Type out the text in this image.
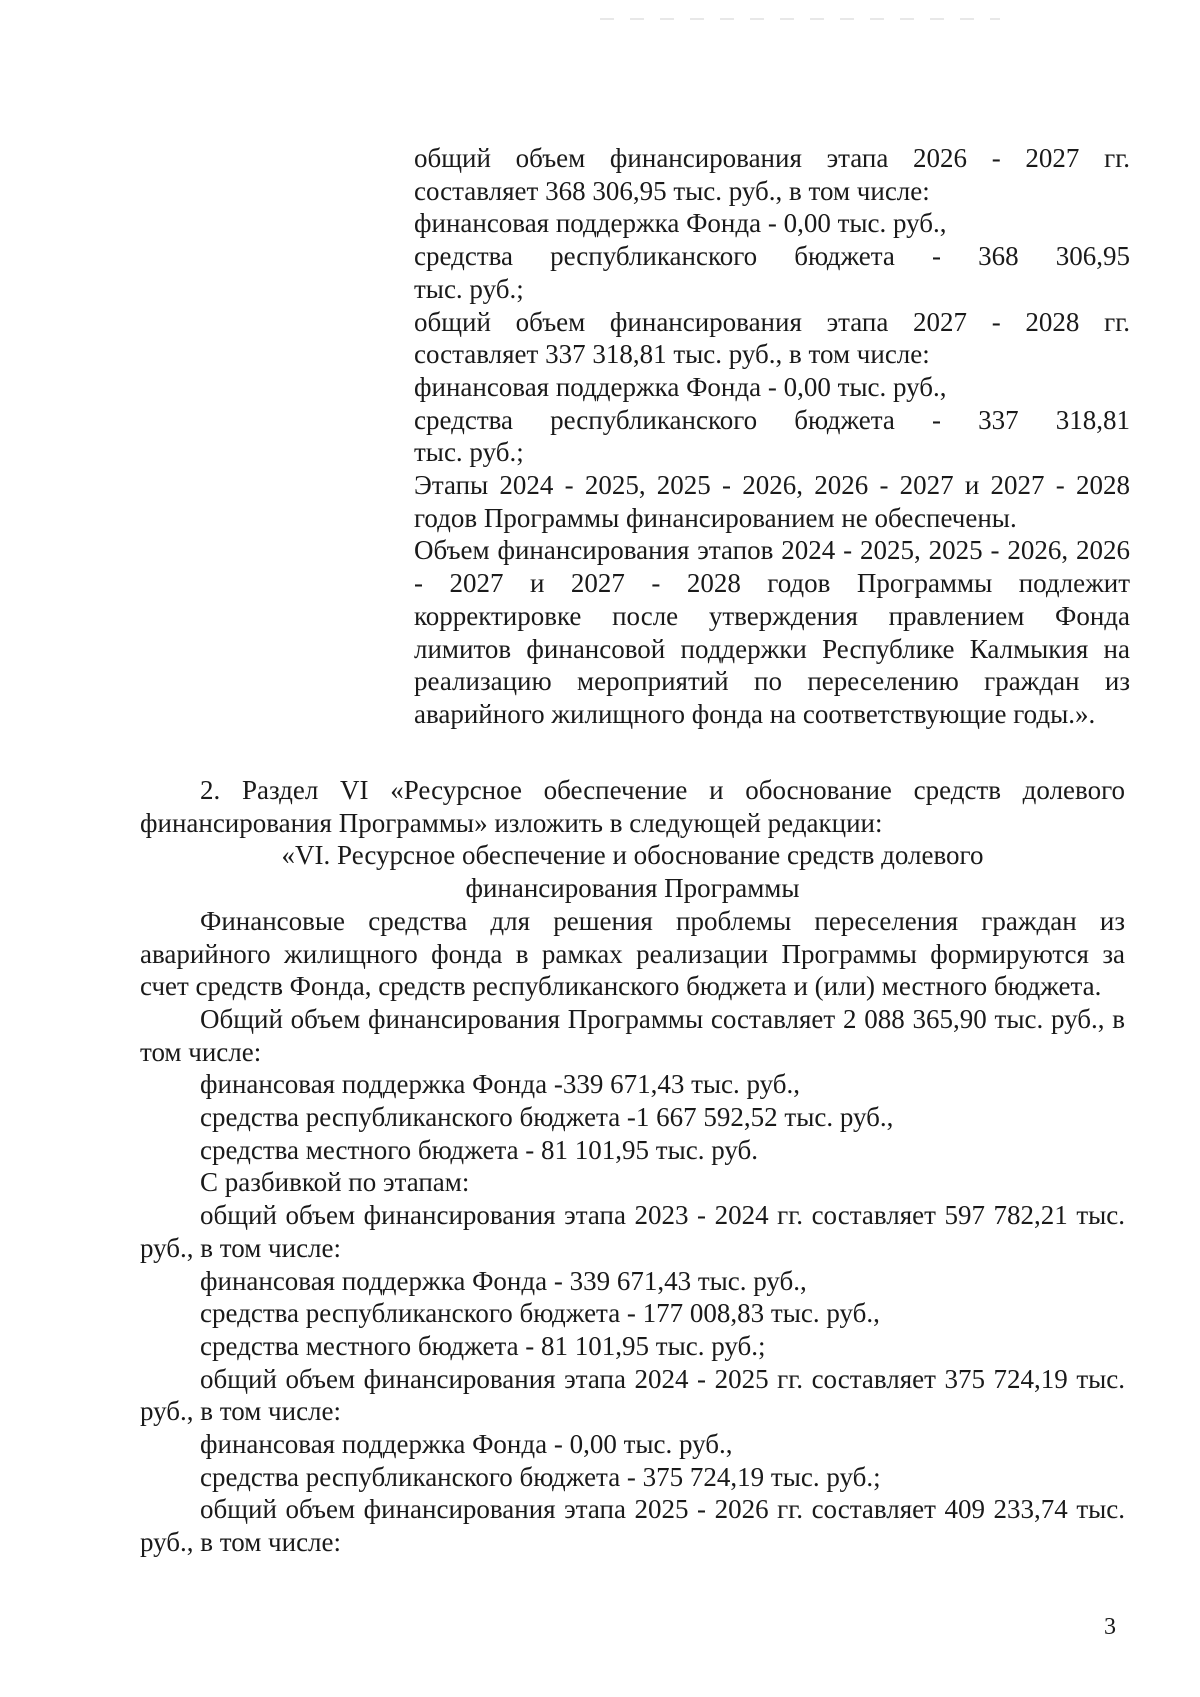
общий объем финансирования этапа 2026 - 2027 гг.

составляет 368 306,95 тыс. руб., в том числе:

финансовая поддержка Фонда - 0,00 тыс. руб.,

средства республиканского бюджета - 368 306,95

тыс. руб.;

общий объем финансирования этапа 2027 - 2028 гг.

составляет 337 318,81 тыс. руб., в том числе:

финансовая поддержка Фонда - 0,00 тыс. руб.,

средства республиканского бюджета - 337 318,81

тыс. руб.;

Этапы 2024 - 2025, 2025 - 2026, 2026 - 2027 и 2027 - 2028

годов Программы финансированием не обеспечены.

Объем финансирования этапов 2024 - 2025, 2025 - 2026, 2026 - 2027 и 2027 - 2028 годов Программы подлежит корректировке после утверждения правлением Фонда лимитов финансовой поддержки Республике Калмыкия на реализацию мероприятий по переселению граждан из аварийного жилищного фонда на соответствующие годы.».

2. Раздел VI «Ресурсное обеспечение и обоснование средств долевого финансирования Программы» изложить в следующей редакции:

«VI. Ресурсное обеспечение и обоснование средств долевого

финансирования Программы

Финансовые средства для решения проблемы переселения граждан из аварийного жилищного фонда в рамках реализации Программы формируются за счет средств Фонда, средств республиканского бюджета и (или) местного бюджета.

Общий объем финансирования Программы составляет 2 088 365,90 тыс. руб., в том числе:

финансовая поддержка Фонда -339 671,43 тыс. руб.,

средства республиканского бюджета -1 667 592,52 тыс. руб.,

средства местного бюджета - 81 101,95 тыс. руб.

С разбивкой по этапам:

общий объем финансирования этапа 2023 - 2024 гг. составляет 597 782,21 тыс. руб., в том числе:

финансовая поддержка Фонда - 339 671,43 тыс. руб.,

средства республиканского бюджета - 177 008,83 тыс. руб.,

средства местного бюджета - 81 101,95 тыс. руб.;

общий объем финансирования этапа 2024 - 2025 гг. составляет 375 724,19 тыс. руб., в том числе:

финансовая поддержка Фонда - 0,00 тыс. руб.,

средства республиканского бюджета - 375 724,19 тыс. руб.;

общий объем финансирования этапа 2025 - 2026 гг. составляет 409 233,74 тыс. руб., в том числе:

3
